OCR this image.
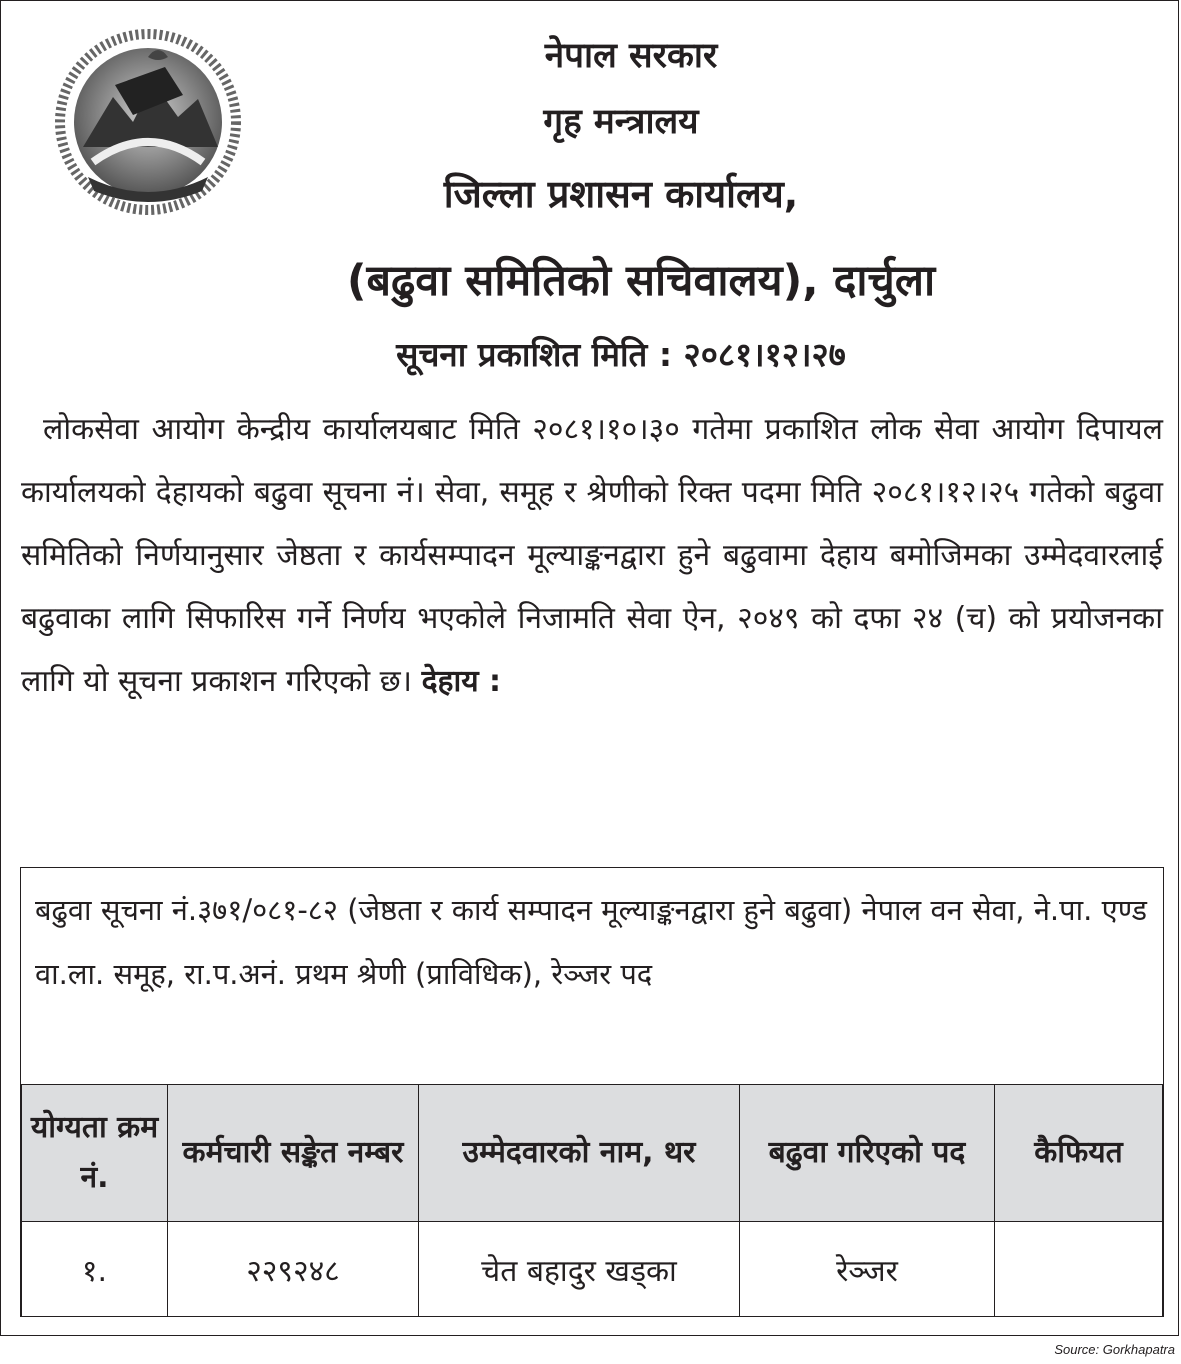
नेपाल सरकार
गृह मन्त्रालय
जिल्ला प्रशासन कार्यालय,
(बढुवा समितिको सचिवालय), दार्चुला
सूचना प्रकाशित मिति : २०८१।१२।२७
लोकसेवा आयोग केन्द्रीय कार्यालयबाट मिति २०८१।१०।३० गतेमा प्रकाशित लोक सेवा आयोग दिपायल कार्यालयको देहायको बढुवा सूचना नं। सेवा, समूह र श्रेणीको रिक्त पदमा मिति २०८१।१२।२५ गतेको बढुवा समितिको निर्णयानुसार जेष्ठता र कार्यसम्पादन मूल्याङ्कनद्वारा हुने बढुवामा देहाय बमोजिमका उम्मेदवारलाई बढुवाका लागि सिफारिस गर्ने निर्णय भएकोले निजामति सेवा ऐन, २०४९ को दफा २४ (च) को प्रयोजनका लागि यो सूचना प्रकाशन गरिएको छ। देहाय :
बढुवा सूचना नं.३७१/०८१-८२ (जेष्ठता र कार्य सम्पादन मूल्याङ्कनद्वारा हुने बढुवा) नेपाल वन सेवा, ने.पा. एण्ड वा.ला. समूह, रा.प.अनं. प्रथम श्रेणी (प्राविधिक), रेञ्जर पद
योग्यता क्रम नं.	कर्मचारी सङ्केत नम्बर	उम्मेदवारको नाम, थर	बढुवा गरिएको पद	कैफियत
१.	२२९२४८	चेत बहादुर खड्का	रेञ्जर	
Source: Gorkhapatra
